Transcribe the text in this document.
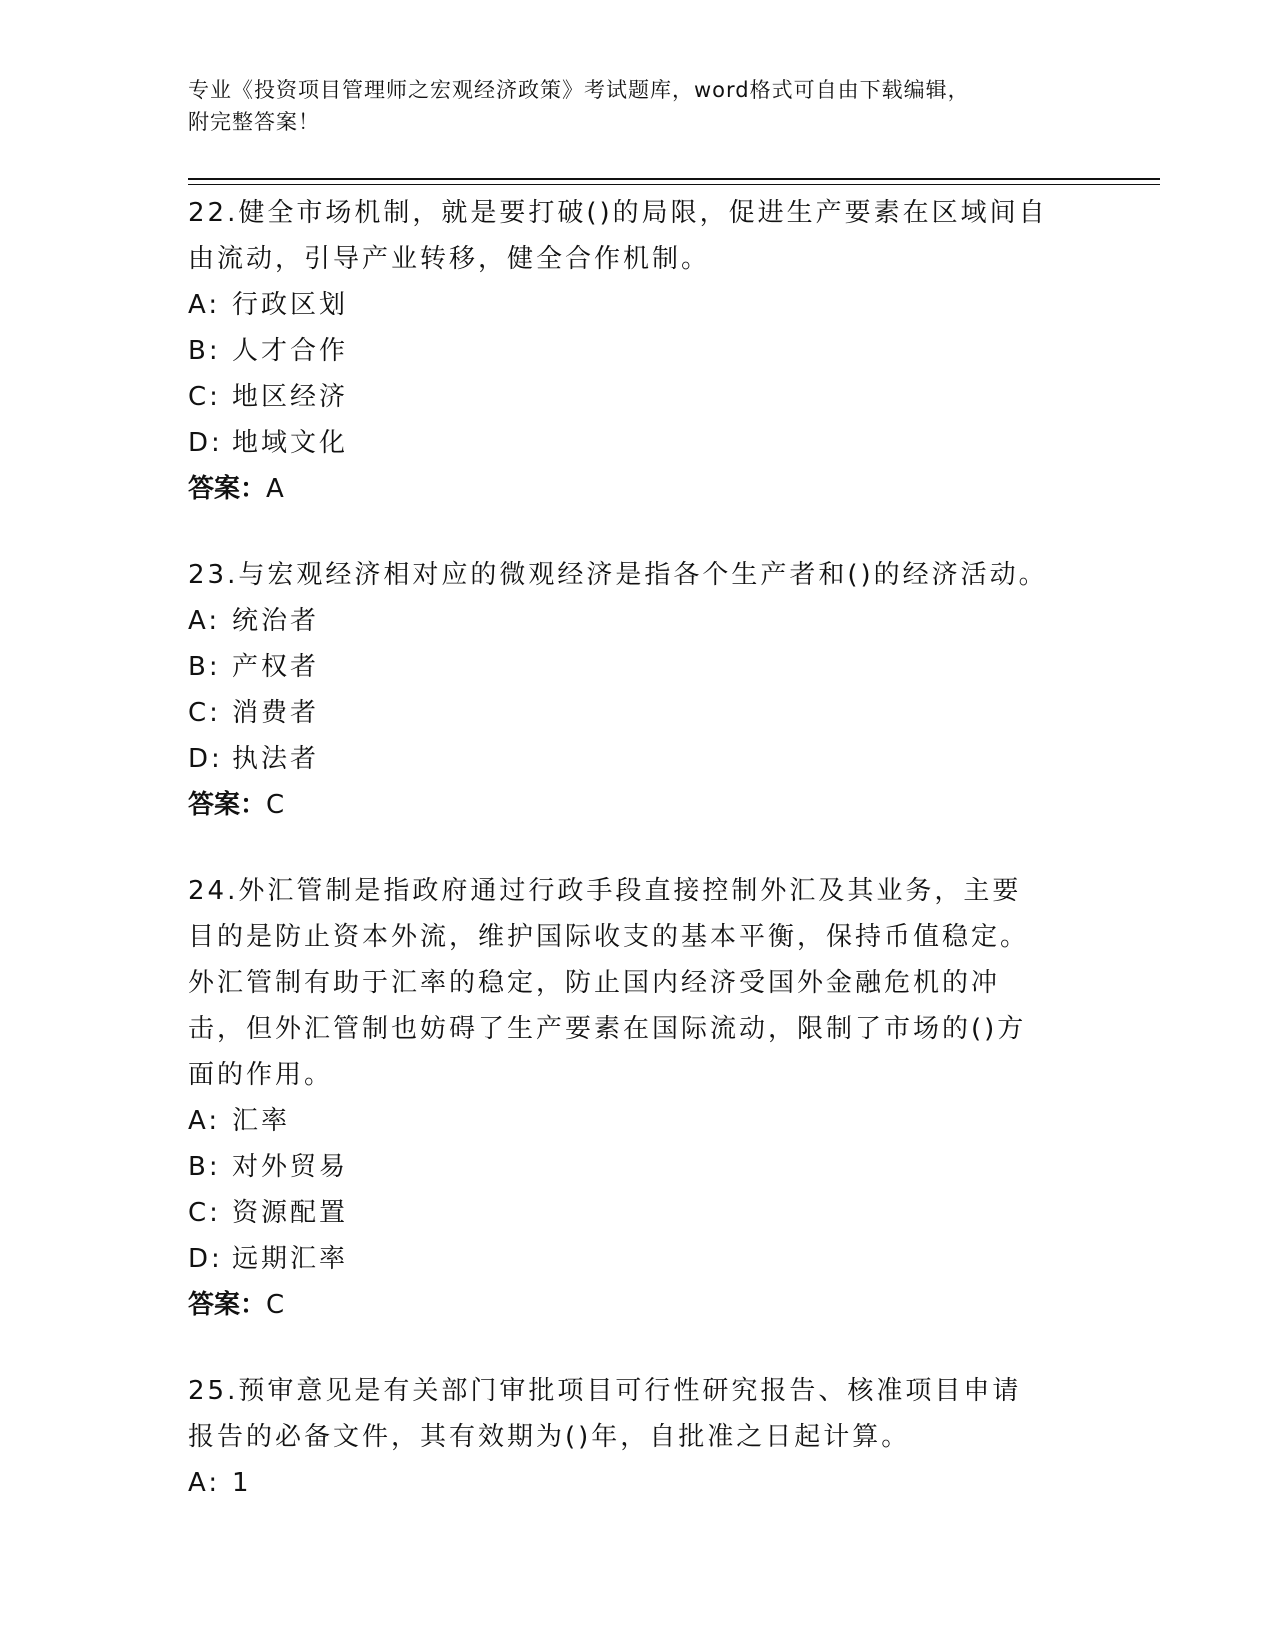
专业《投资项目管理师之宏观经济政策》考试题库，word格式可自由下载编辑，
附完整答案！

22.健全市场机制，就是要打破()的局限，促进生产要素在区域间自由流动，引导产业转移，健全合作机制。

A: 行政区划

B: 人才合作

C: 地区经济

D: 地域文化

答案：A

23.与宏观经济相对应的微观经济是指各个生产者和()的经济活动。

A: 统治者

B: 产权者

C: 消费者

D: 执法者

答案：C

24.外汇管制是指政府通过行政手段直接控制外汇及其业务，主要目的是防止资本外流，维护国际收支的基本平衡，保持币值稳定。外汇管制有助于汇率的稳定，防止国内经济受国外金融危机的冲击，但外汇管制也妨碍了生产要素在国际流动，限制了市场的()方面的作用。

A: 汇率

B: 对外贸易

C: 资源配置

D: 远期汇率

答案：C

25.预审意见是有关部门审批项目可行性研究报告、核准项目申请报告的必备文件，其有效期为()年，自批准之日起计算。

A: 1
